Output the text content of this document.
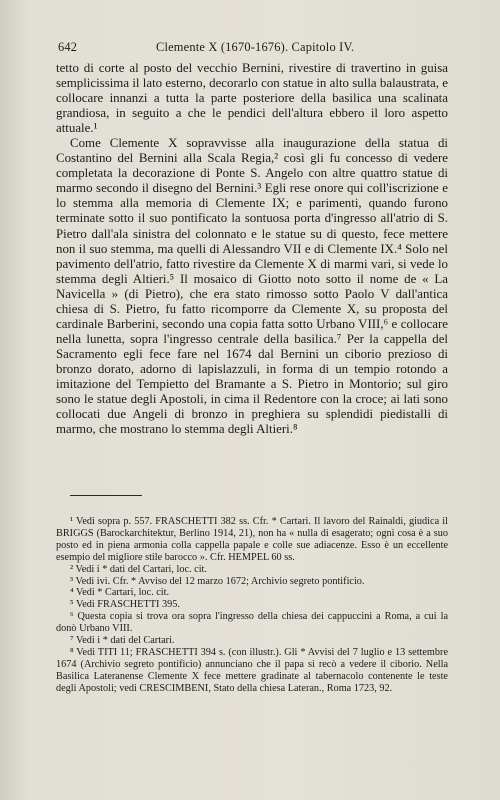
642	Clemente X (1670-1676). Capitolo IV.

tetto di corte al posto del vecchio Bernini, rivestire di travertino in guisa semplicissima il lato esterno, decorarlo con statue in alto sulla balaustrata, e collocare innanzi a tutta la parte posteriore della basilica una scalinata grandiosa, in seguito a che le pendici dell'altura ebbero il loro aspetto attuale.¹

Come Clemente X sopravvisse alla inaugurazione della statua di Costantino del Bernini alla Scala Regia,² così gli fu concesso di vedere completata la decorazione di Ponte S. Angelo con altre quattro statue di marmo secondo il disegno del Bernini.³ Egli rese onore qui coll'iscrizione e lo stemma alla memoria di Clemente IX; e parimenti, quando furono terminate sotto il suo pontificato la sontuosa porta d'ingresso all'atrio di S. Pietro dall'ala sinistra del colonnato e le statue su di questo, fece mettere non il suo stemma, ma quelli di Alessandro VII e di Clemente IX.⁴ Solo nel pavimento dell'atrio, fatto rivestire da Clemente X di marmi vari, si vede lo stemma degli Altieri.⁵ Il mosaico di Giotto noto sotto il nome de « La Navicella » (di Pietro), che era stato rimosso sotto Paolo V dall'antica chiesa di S. Pietro, fu fatto ricomporre da Clemente X, su proposta del cardinale Barberini, secondo una copia fatta sotto Urbano VIII,⁶ e collocare nella lunetta, sopra l'ingresso centrale della basilica.⁷ Per la cappella del Sacramento egli fece fare nel 1674 dal Bernini un ciborio prezioso di bronzo dorato, adorno di lapislazzuli, in forma di un tempio rotondo a imitazione del Tempietto del Bramante a S. Pietro in Montorio; sul giro sono le statue degli Apostoli, in cima il Redentore con la croce; ai lati sono collocati due Angeli di bronzo in preghiera su splendidi piedistalli di marmo, che mostrano lo stemma degli Altieri.⁸

¹ Vedi sopra p. 557. FRASCHETTI 382 ss. Cfr. * Cartari. Il lavoro del Rainaldi, giudica il BRIGGS (Barockarchitektur, Berlino 1914, 21), non ha « nulla di esagerato; ogni cosa è a suo posto ed in piena armonia colla cappella papale e colle sue adiacenze. Esso è un eccellente esempio del migliore stile barocco ». Cfr. HEMPEL 60 ss.

² Vedi i * dati del Cartari, loc. cit.

³ Vedi ivi. Cfr. * Avviso del 12 marzo 1672; Archivio segreto pontificio.

⁴ Vedi * Cartari, loc. cit.

⁵ Vedi FRASCHETTI 395.

⁶ Questa copia si trova ora sopra l'ingresso della chiesa dei cappuccini a Roma, a cui la donò Urbano VIII.

⁷ Vedi i * dati del Cartari.

⁸ Vedi TITI 11; FRASCHETTI 394 s. (con illustr.). Gli * Avvisi del 7 luglio e 13 settembre 1674 (Archivio segreto pontificio) annunciano che il papa si recò a vedere il ciborio. Nella Basilica Lateranense Clemente X fece mettere gradinate al tabernacolo contenente le teste degli Apostoli; vedi CRESCIMBENI, Stato della chiesa Lateran., Roma 1723, 92.
